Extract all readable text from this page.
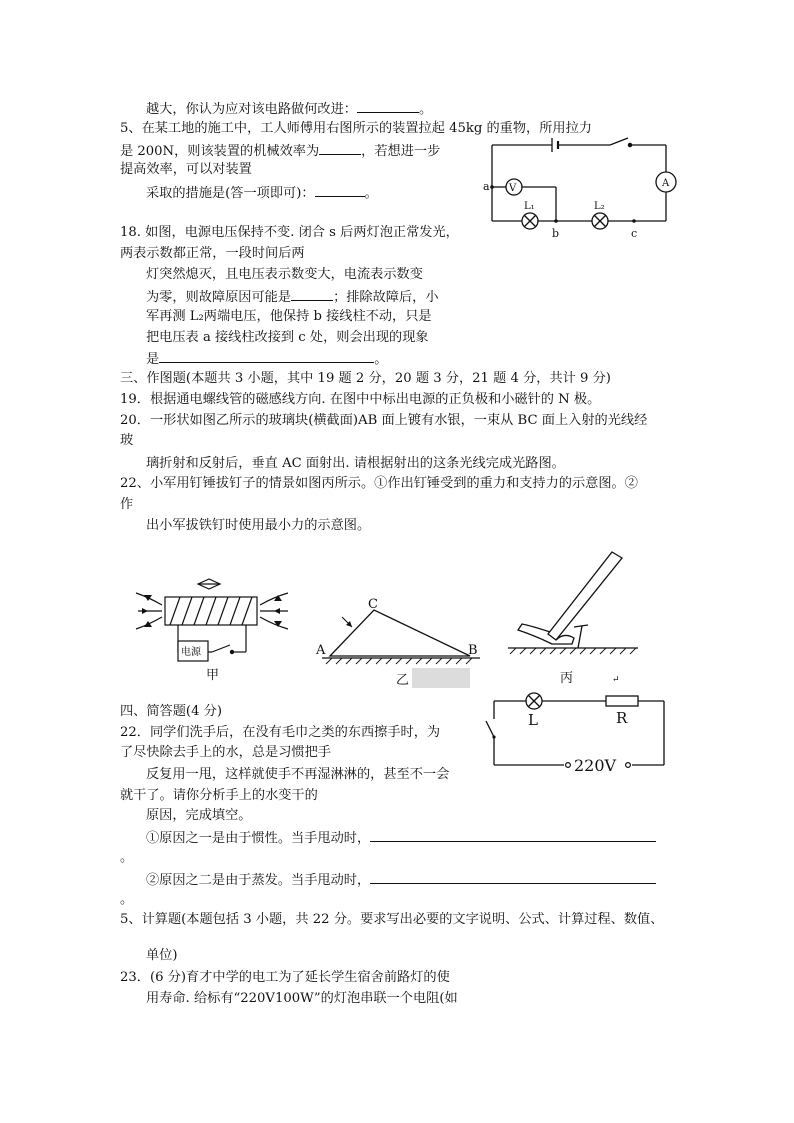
越大，你认为应对该电路做何改进：	。
5、在某工地的施工中，工人师傅用右图所示的装置拉起 45kg 的重物，所用拉力
是 200N，则该装置的机械效率为	，若想进一步
提高效率，可以对装置
采取的措施是(答一项即可)：	。
18. 如图，电源电压保持不变. 闭合 s 后两灯泡正常发光，
两表示数都正常，一段时间后两
灯突然熄灭，且电压表示数变大，电流表示数变
为零，则故障原因可能是	；排除故障后，小
军再测 L₂两端电压，他保持 b 接线柱不动，只是
把电压表 a 接线柱改接到 c 处，则会出现的现象
是	。
三、作图题(本题共 3 小题，其中 19 题 2 分，20 题 3 分，21 题 4 分，共计 9 分)
19．根据通电螺线管的磁感线方向. 在图中中标出电源的正负极和小磁针的 N 极。
20．一形状如图乙所示的玻璃块(横截面)AB 面上镀有水银，一束从 BC 面上入射的光线经
玻
璃折射和反射后，垂直 AC 面射出. 请根据射出的这条光线完成光路图。
22、小军用钉锤拔钉子的情景如图丙所示。①作出钉锤受到的重力和支持力的示意图。②
作
出小军拔铁钉时使用最小力的示意图。
四、简答题(4 分)
22．同学们洗手后，在没有毛巾之类的东西擦手时，为
了尽快除去手上的水，总是习惯把手
反复用一甩，这样就使手不再湿淋淋的，甚至不一会
就干了。请你分析手上的水变干的
原因，完成填空。
①原因之一是由于惯性。当手甩动时，
。
②原因之二是由于蒸发。当手甩动时，
。
5、计算题(本题包括 3 小题，共 22 分。要求写出必要的文字说明、公式、计算过程、数值、
单位)
23．(6 分)育才中学的电工为了延长学生宿舍前路灯的使
用寿命. 给标有“220V100W”的灯泡串联一个电阻(如
V	A
a
b	c
L₁	L₂
电源
甲
C
A	B
乙	丙	↵
L	R
220V
